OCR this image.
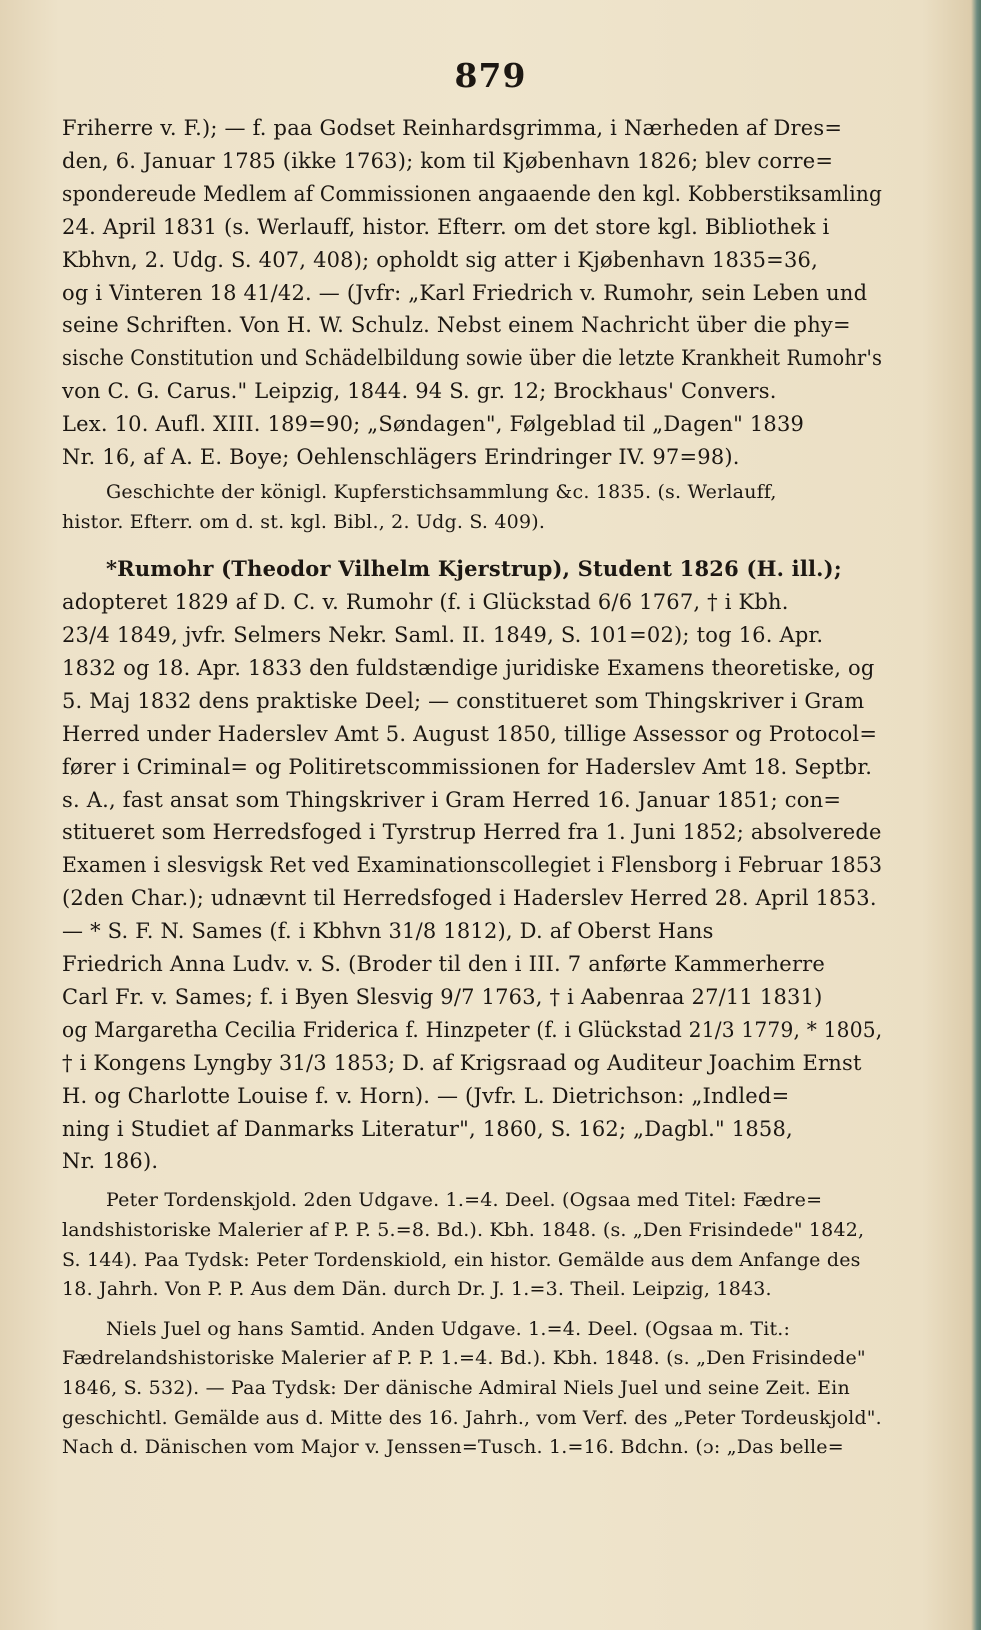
879
Friherre v. F.); — f. paa Godset Reinhardsgrimma, i Nærheden af Dres=
den, 6. Januar 1785 (ikke 1763); kom til Kjøbenhavn 1826; blev corre=
spondereude Medlem af Commissionen angaaende den kgl. Kobberstiksamling
24. April 1831 (s. Werlauff, histor. Efterr. om det store kgl. Bibliothek i
Kbhvn, 2. Udg. S. 407, 408); opholdt sig atter i Kjøbenhavn 1835=36,
og i Vinteren 18 41/42. — (Jvfr: „Karl Friedrich v. Rumohr, sein Leben und
seine Schriften. Von H. W. Schulz. Nebst einem Nachricht über die phy=
sische Constitution und Schädelbildung sowie über die letzte Krankheit Rumohr's
von C. G. Carus." Leipzig, 1844. 94 S. gr. 12; Brockhaus' Convers.
Lex. 10. Aufl. XIII. 189=90; „Søndagen", Følgeblad til „Dagen" 1839
Nr. 16, af A. E. Boye; Oehlenschlägers Erindringer IV. 97=98).
Geschichte der königl. Kupferstichsammlung &c. 1835. (s. Werlauff,
histor. Efterr. om d. st. kgl. Bibl., 2. Udg. S. 409).
*Rumohr (Theodor Vilhelm Kjerstrup), Student 1826 (H. ill.);
adopteret 1829 af D. C. v. Rumohr (f. i Glückstad 6/6 1767, † i Kbh.
23/4 1849, jvfr. Selmers Nekr. Saml. II. 1849, S. 101=02); tog 16. Apr.
1832 og 18. Apr. 1833 den fuldstændige juridiske Examens theoretiske, og
5. Maj 1832 dens praktiske Deel; — constitueret som Thingskriver i Gram
Herred under Haderslev Amt 5. August 1850, tillige Assessor og Protocol=
fører i Criminal= og Politiretscommissionen for Haderslev Amt 18. Septbr.
s. A., fast ansat som Thingskriver i Gram Herred 16. Januar 1851; con=
stitueret som Herredsfoged i Tyrstrup Herred fra 1. Juni 1852; absolverede
Examen i slesvigsk Ret ved Examinationscollegiet i Flensborg i Februar 1853
(2den Char.); udnævnt til Herredsfoged i Haderslev Herred 28. April 1853.
— * S. F. N. Sames (f. i Kbhvn 31/8 1812), D. af Oberst Hans
Friedrich Anna Ludv. v. S. (Broder til den i III. 7 anførte Kammerherre
Carl Fr. v. Sames; f. i Byen Slesvig 9/7 1763, † i Aabenraa 27/11 1831)
og Margaretha Cecilia Friderica f. Hinzpeter (f. i Glückstad 21/3 1779, * 1805,
† i Kongens Lyngby 31/3 1853; D. af Krigsraad og Auditeur Joachim Ernst
H. og Charlotte Louise f. v. Horn). — (Jvfr. L. Dietrichson: „Indled=
ning i Studiet af Danmarks Literatur", 1860, S. 162; „Dagbl." 1858,
Nr. 186).
Peter Tordenskjold. 2den Udgave. 1.=4. Deel. (Ogsaa med Titel: Fædre=
landshistoriske Malerier af P. P. 5.=8. Bd.). Kbh. 1848. (s. „Den Frisindede" 1842,
S. 144). Paa Tydsk: Peter Tordenskiold, ein histor. Gemälde aus dem Anfange des
18. Jahrh. Von P. P. Aus dem Dän. durch Dr. J. 1.=3. Theil. Leipzig, 1843.
Niels Juel og hans Samtid. Anden Udgave. 1.=4. Deel. (Ogsaa m. Tit.:
Fædrelandshistoriske Malerier af P. P. 1.=4. Bd.). Kbh. 1848. (s. „Den Frisindede"
1846, S. 532). — Paa Tydsk: Der dänische Admiral Niels Juel und seine Zeit. Ein
geschichtl. Gemälde aus d. Mitte des 16. Jahrh., vom Verf. des „Peter Tordeuskjold".
Nach d. Dänischen vom Major v. Jenssen=Tusch. 1.=16. Bdchn. (ɔ: „Das belle=
